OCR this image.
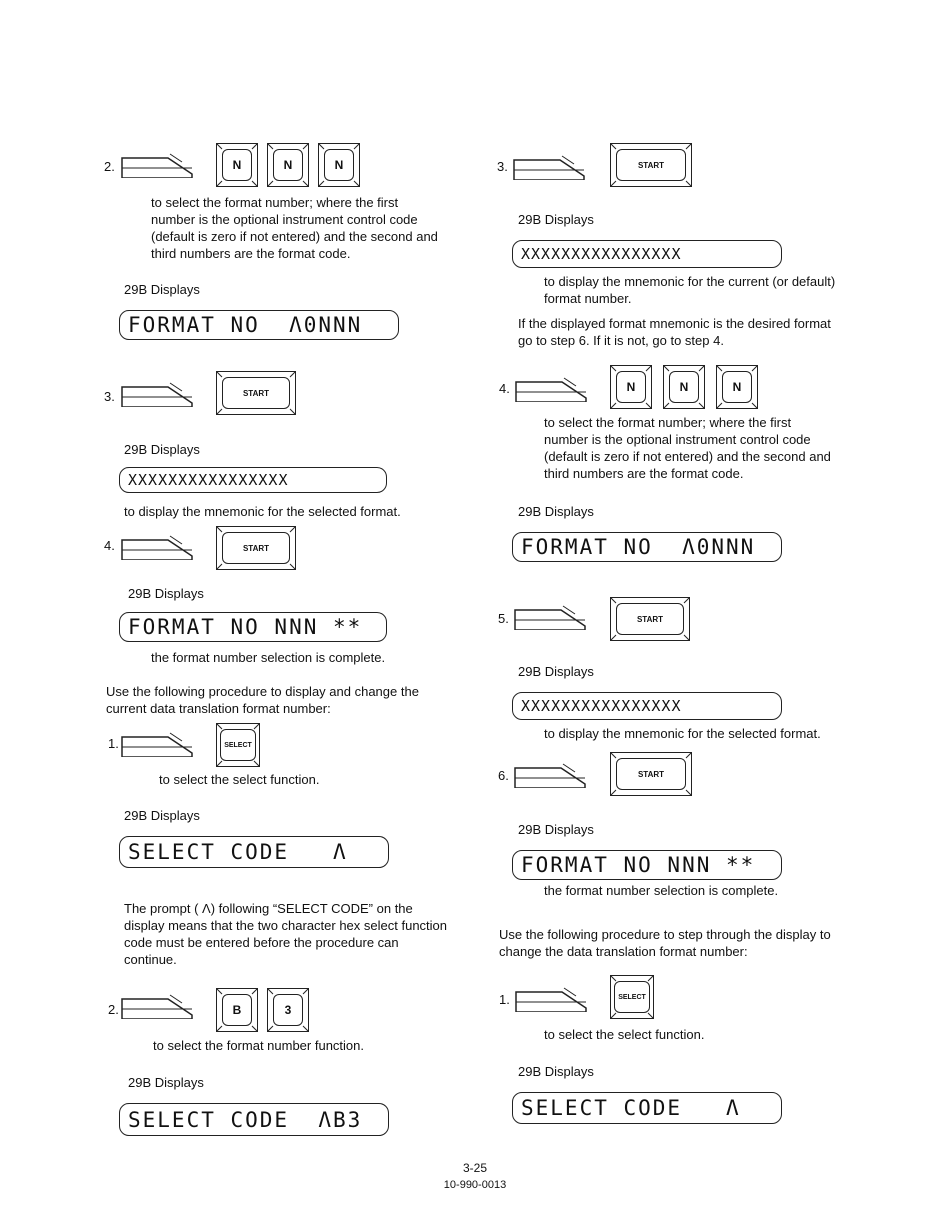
2.	N	N	N
to select the format number; where the first
number is the optional instrument control code
(default is zero if not entered) and the second and
third numbers are the format code.
29B Displays
FORMAT NO  Λ0NNN
3.	START
29B Displays
XXXXXXXXXXXXXXXX
to display the mnemonic for the selected format.
4.	START
29B Displays
FORMAT NO NNN **
the format number selection is complete.
Use the following procedure to display and change the
current data translation format number:
1.	SELECT
to select the select function.
29B Displays
SELECT CODE   Λ
The prompt ( Λ) following “SELECT CODE” on the
display means that the two character hex select function
code must be entered before the procedure can
continue.
2.	B	3
to select the format number function.
29B Displays
SELECT CODE  ΛB3
3.	START
29B Displays
XXXXXXXXXXXXXXXX
to display the mnemonic for the current (or default)
format number.
If the displayed format mnemonic is the desired format
go to step 6. If it is not, go to step 4.
4.	N	N	N
to select the format number; where the first
number is the optional instrument control code
(default is zero if not entered) and the second and
third numbers are the format code.
29B Displays
FORMAT NO  Λ0NNN
5.	START
29B Displays
XXXXXXXXXXXXXXXX
to display the mnemonic for the selected format.
6.	START
29B Displays
FORMAT NO NNN **
the format number selection is complete.
Use the following procedure to step through the display to
change the data translation format number:
1.	SELECT
to select the select function.
29B Displays
SELECT CODE   Λ
3-25
10-990-0013
